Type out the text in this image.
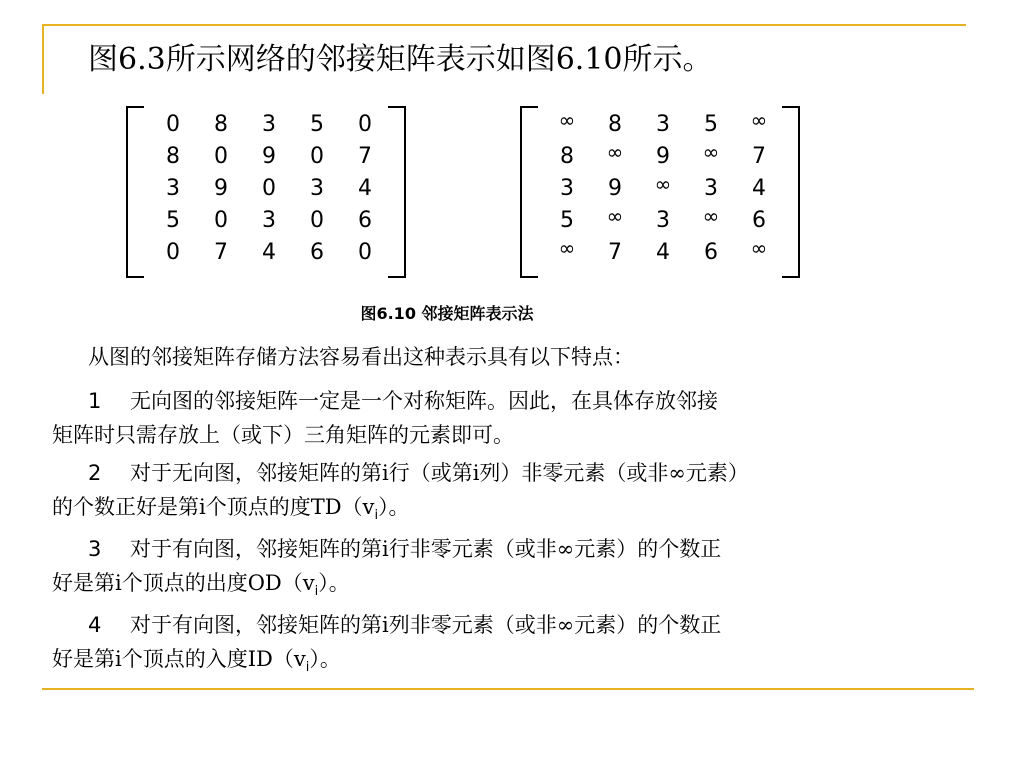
图6.3所示网络的邻接矩阵表示如图6.10所示。
0	8	3	5	0
8	0	9	0	7
3	9	0	3	4
5	0	3	0	6
0	7	4	6	0
∞	8	3	5	∞
8	∞	9	∞	7
3	9	∞	3	4
5	∞	3	∞	6
∞	7	4	6	∞
图6.10 邻接矩阵表示法
从图的邻接矩阵存储方法容易看出这种表示具有以下特点：
1 无向图的邻接矩阵一定是一个对称矩阵。因此，在具体存放邻接
矩阵时只需存放上（或下）三角矩阵的元素即可。
2 对于无向图，邻接矩阵的第i行（或第i列）非零元素（或非∞元素）
的个数正好是第i个顶点的度$TD(v_i)$。
3 对于有向图，邻接矩阵的第i行非零元素（或非∞元素）的个数正
好是第i个顶点的出度$OD(v_i)$。
4 对于有向图，邻接矩阵的第i列非零元素（或非∞元素）的个数正
好是第i个顶点的入度$ID(v_i)$。
